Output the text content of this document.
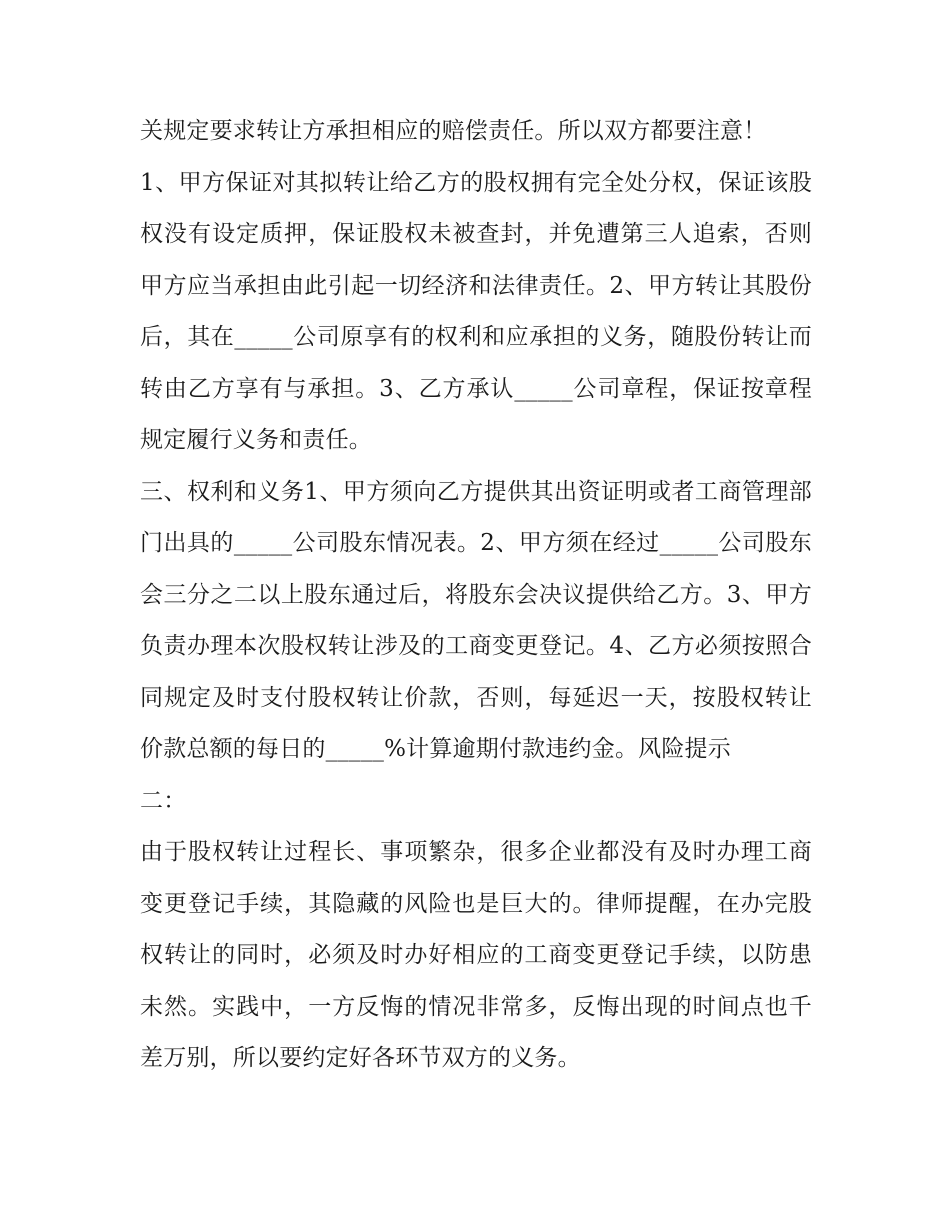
关规定要求转让方承担相应的赔偿责任。所以双方都要注意！

1、甲方保证对其拟转让给乙方的股权拥有完全处分权，保证该股权没有设定质押，保证股权未被查封，并免遭第三人追索，否则甲方应当承担由此引起一切经济和法律责任。2、甲方转让其股份后，其在_____公司原享有的权利和应承担的义务，随股份转让而转由乙方享有与承担。3、乙方承认_____公司章程，保证按章程规定履行义务和责任。

三、权利和义务1、甲方须向乙方提供其出资证明或者工商管理部门出具的_____公司股东情况表。2、甲方须在经过_____公司股东会三分之二以上股东通过后，将股东会决议提供给乙方。3、甲方负责办理本次股权转让涉及的工商变更登记。4、乙方必须按照合同规定及时支付股权转让价款，否则，每延迟一天，按股权转让价款总额的每日的_____%计算逾期付款违约金。风险提示

二：

由于股权转让过程长、事项繁杂，很多企业都没有及时办理工商变更登记手续，其隐藏的风险也是巨大的。律师提醒，在办完股权转让的同时，必须及时办好相应的工商变更登记手续，以防患未然。实践中，一方反悔的情况非常多，反悔出现的时间点也千差万别，所以要约定好各环节双方的义务。
